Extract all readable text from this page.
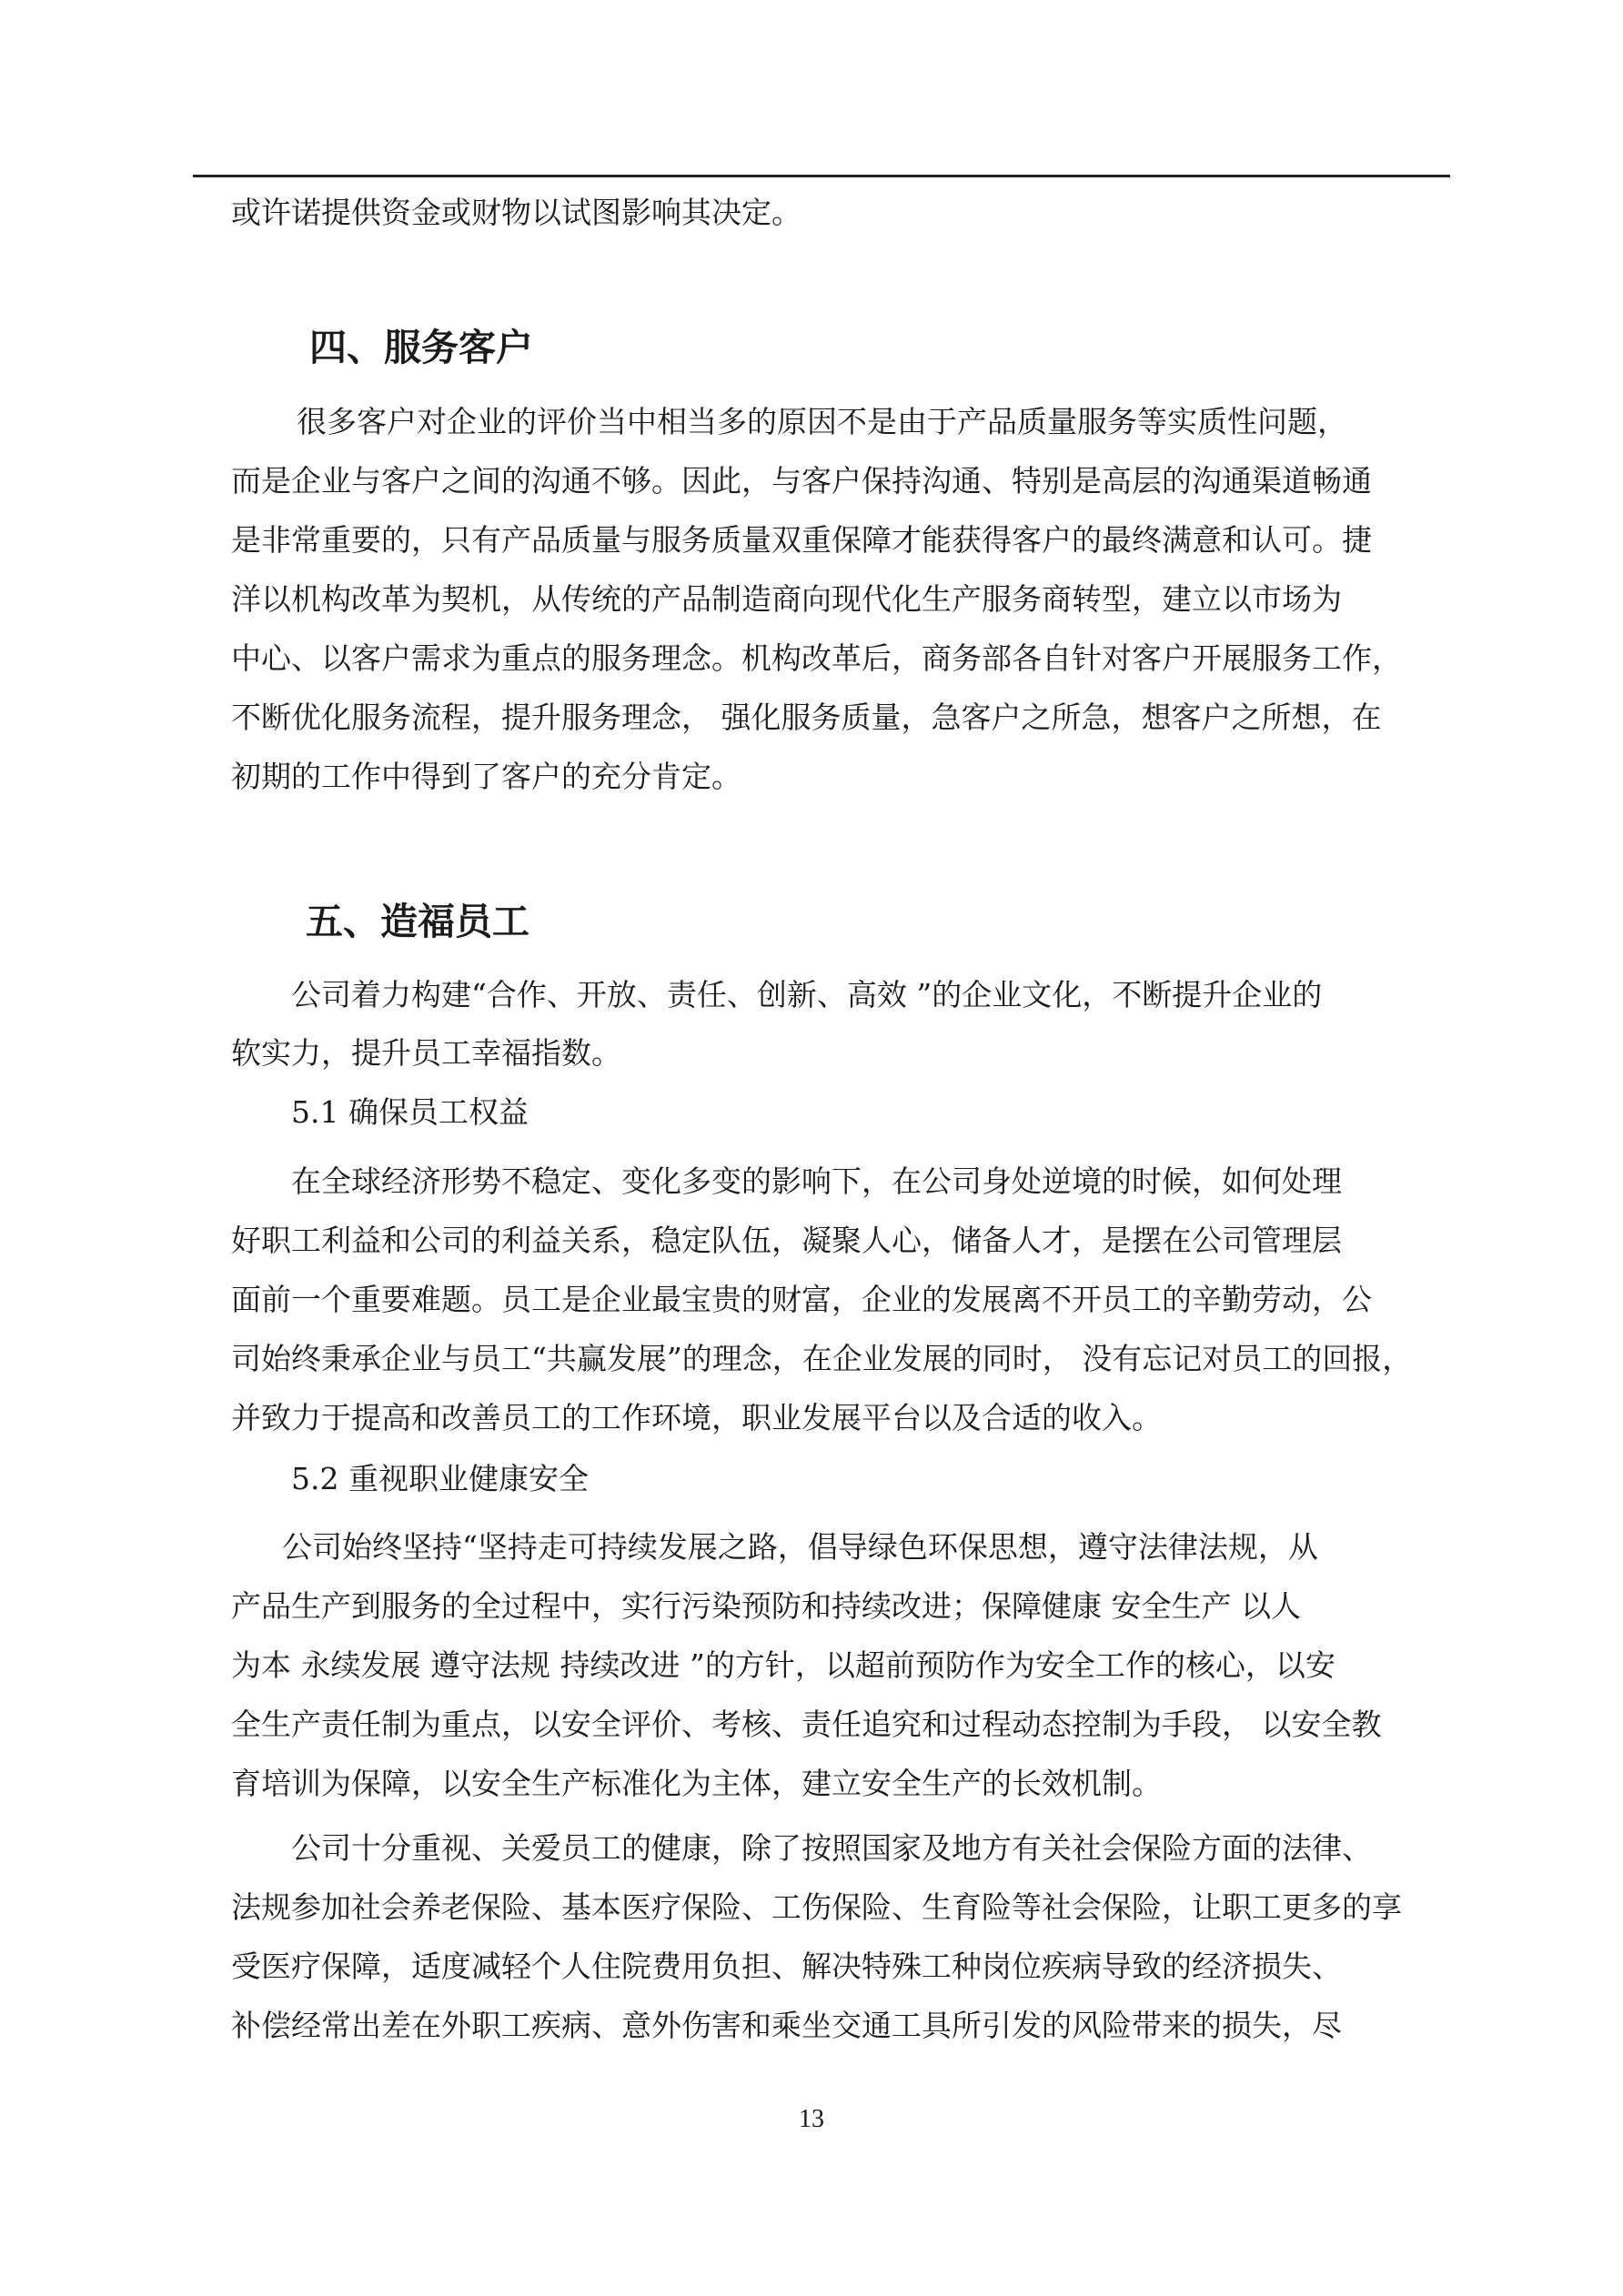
或许诺提供资金或财物以试图影响其决定。
四、服务客户
很多客户对企业的评价当中相当多的原因不是由于产品质量服务等实质性问题，
而是企业与客户之间的沟通不够。因此，与客户保持沟通、特别是高层的沟通渠道畅通
是非常重要的，只有产品质量与服务质量双重保障才能获得客户的最终满意和认可。捷
洋以机构改革为契机，从传统的产品制造商向现代化生产服务商转型，建立以市场为
中心、以客户需求为重点的服务理念。机构改革后，商务部各自针对客户开展服务工作，
不断优化服务流程，提升服务理念， 强化服务质量，急客户之所急，想客户之所想，在
初期的工作中得到了客户的充分肯定。
五、造福员工
公司着力构建“合作、开放、责任、创新、高效 ”的企业文化，不断提升企业的
软实力，提升员工幸福指数。
5.1 确保员工权益
在全球经济形势不稳定、变化多变的影响下，在公司身处逆境的时候，如何处理
好职工利益和公司的利益关系，稳定队伍，凝聚人心，储备人才，是摆在公司管理层
面前一个重要难题。员工是企业最宝贵的财富，企业的发展离不开员工的辛勤劳动，公
司始终秉承企业与员工“共赢发展”的理念，在企业发展的同时， 没有忘记对员工的回报，
并致力于提高和改善员工的工作环境，职业发展平台以及合适的收入。
5.2 重视职业健康安全
公司始终坚持“坚持走可持续发展之路，倡导绿色环保思想，遵守法律法规，从
产品生产到服务的全过程中，实行污染预防和持续改进；保障健康 安全生产 以人
为本 永续发展 遵守法规 持续改进 ”的方针，以超前预防作为安全工作的核心，以安
全生产责任制为重点，以安全评价、考核、责任追究和过程动态控制为手段， 以安全教
育培训为保障，以安全生产标准化为主体，建立安全生产的长效机制。
公司十分重视、关爱员工的健康，除了按照国家及地方有关社会保险方面的法律、
法规参加社会养老保险、基本医疗保险、工伤保险、生育险等社会保险，让职工更多的享
受医疗保障，适度减轻个人住院费用负担、解决特殊工种岗位疾病导致的经济损失、
补偿经常出差在外职工疾病、意外伤害和乘坐交通工具所引发的风险带来的损失，尽
13
